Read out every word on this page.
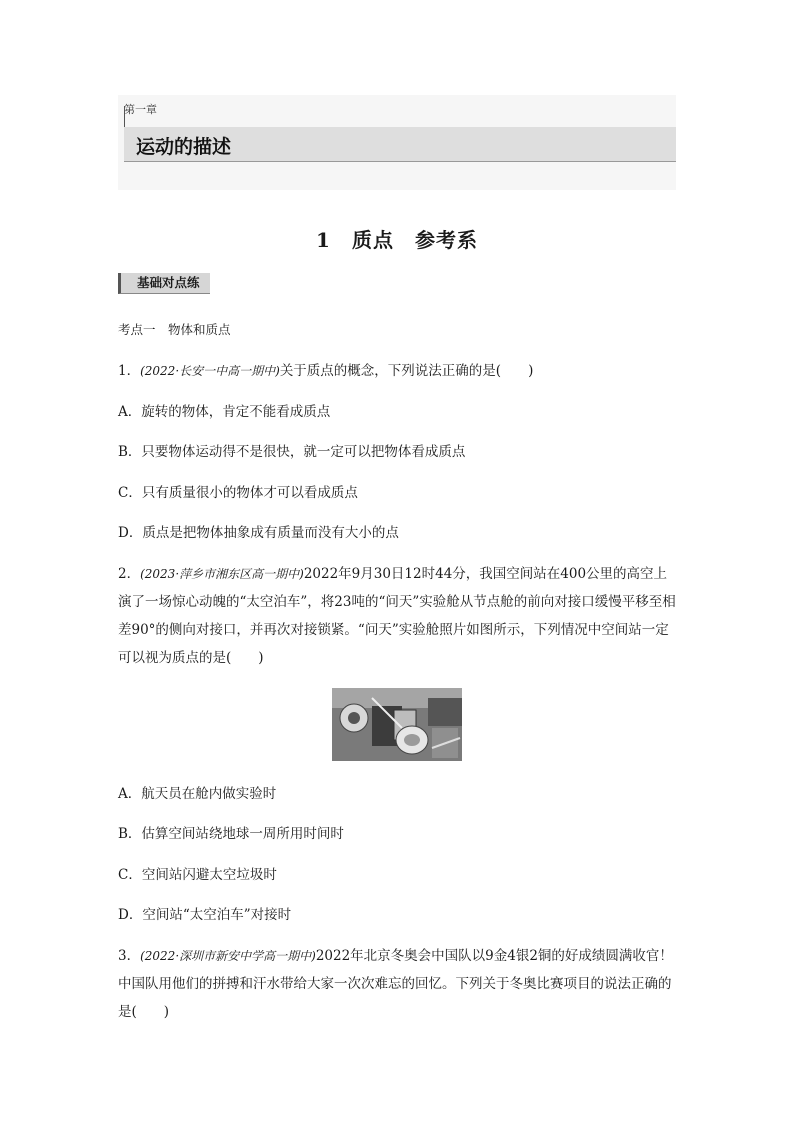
第一章
运动的描述
1　质点　参考系
基础对点练
考点一　物体和质点
1．(2022·长安一中高一期中)关于质点的概念，下列说法正确的是(　　)
A．旋转的物体，肯定不能看成质点
B．只要物体运动得不是很快，就一定可以把物体看成质点
C．只有质量很小的物体才可以看成质点
D．质点是把物体抽象成有质量而没有大小的点
2．(2023·萍乡市湘东区高一期中)2022年9月30日12时44分，我国空间站在400公里的高空上演了一场惊心动魄的“太空泊车”，将23吨的“问天”实验舱从节点舱的前向对接口缓慢平移至相差90°的侧向对接口，并再次对接锁紧。“问天”实验舱照片如图所示，下列情况中空间站一定可以视为质点的是(　　)
A．航天员在舱内做实验时
B．估算空间站绕地球一周所用时间时
C．空间站闪避太空垃圾时
D．空间站“太空泊车”对接时
3．(2022·深圳市新安中学高一期中)2022年北京冬奥会中国队以9金4银2铜的好成绩圆满收官！中国队用他们的拼搏和汗水带给大家一次次难忘的回忆。下列关于冬奥比赛项目的说法正确的是(　　)
